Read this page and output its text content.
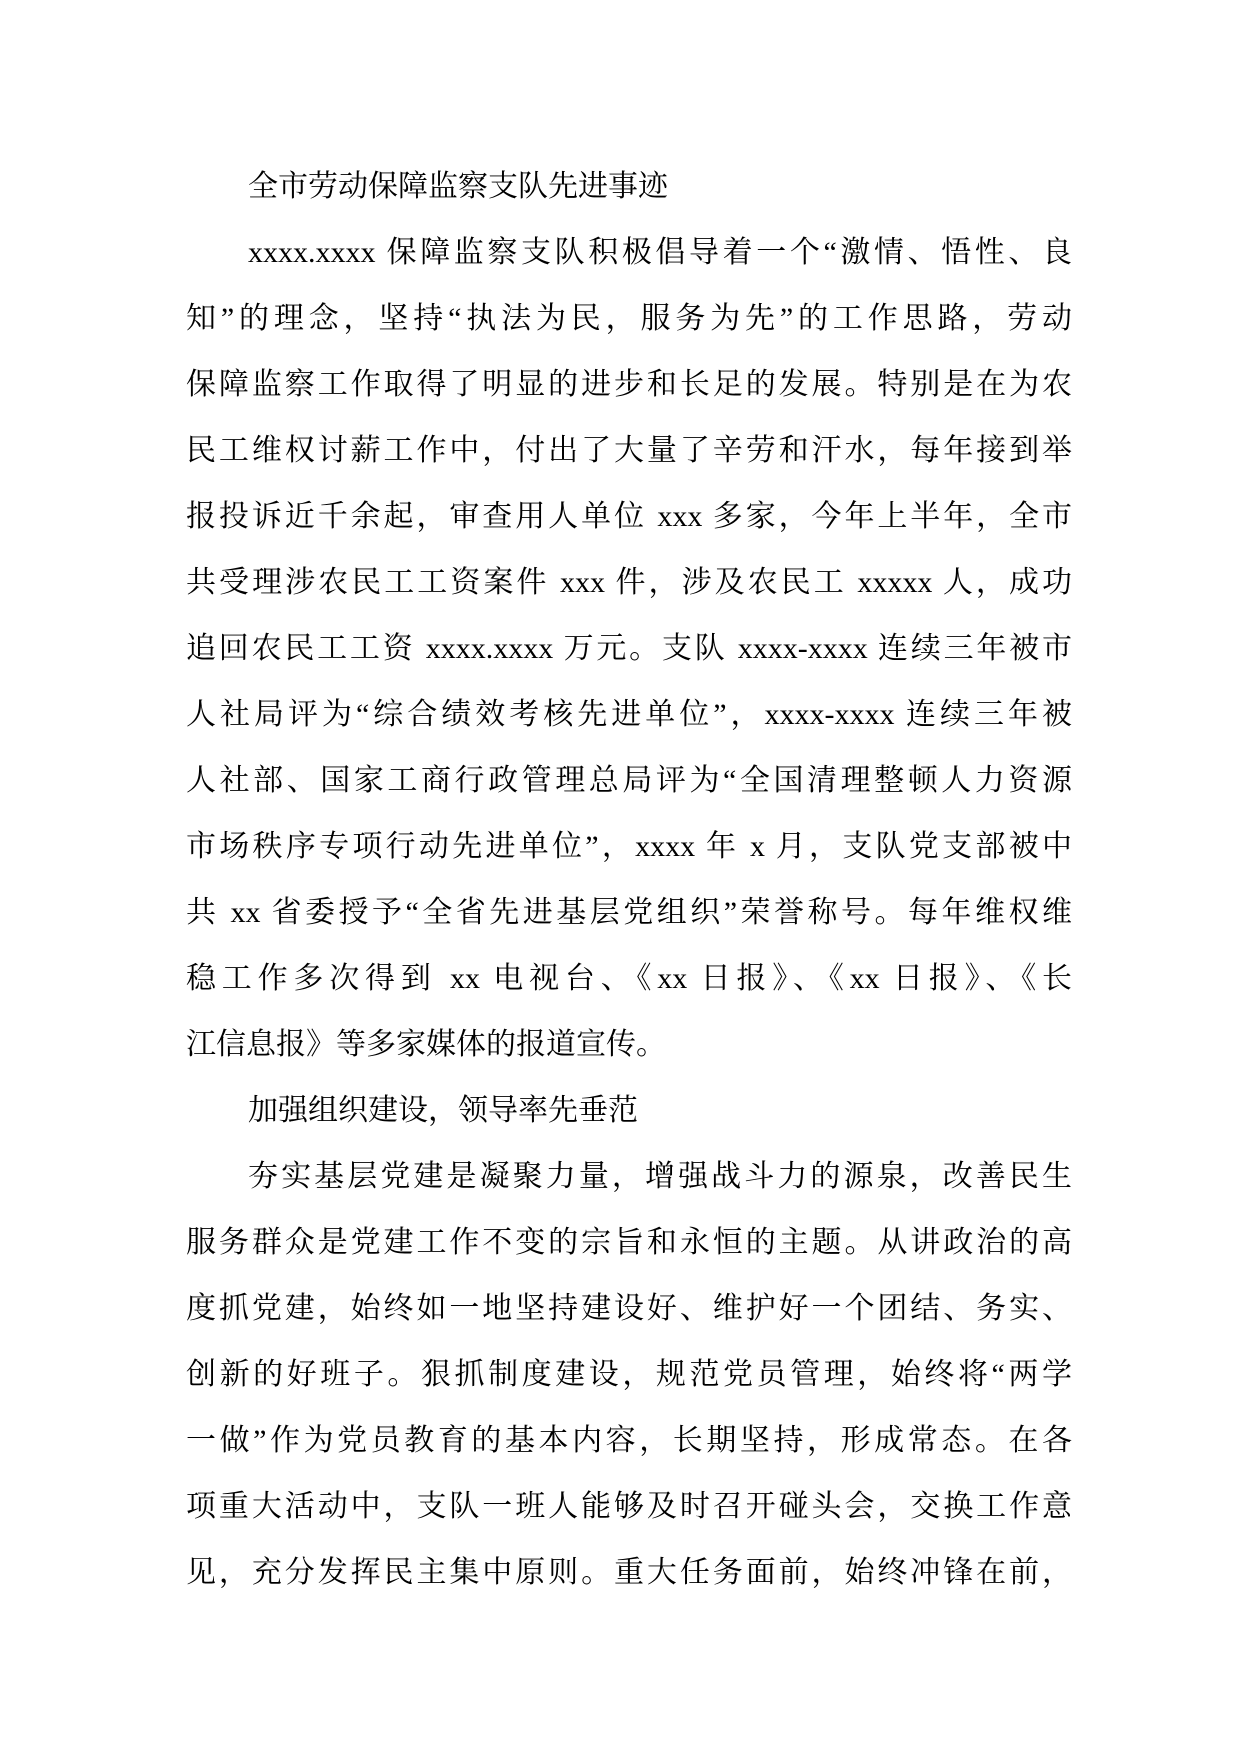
全市劳动保障监察支队先进事迹
xxxx.xxxx 保障监察支队积极倡导着一个“激情、悟性、良
知”的理念，坚持“执法为民，服务为先”的工作思路，劳动
保障监察工作取得了明显的进步和长足的发展。特别是在为农
民工维权讨薪工作中，付出了大量了辛劳和汗水，每年接到举
报投诉近千余起，审查用人单位 xxx 多家，今年上半年，全市
共受理涉农民工工资案件 xxx 件，涉及农民工 xxxxx 人，成功
追回农民工工资 xxxx.xxxx 万元。支队 xxxx-xxxx 连续三年被市
人社局评为“综合绩效考核先进单位”，xxxx-xxxx 连续三年被
人社部、国家工商行政管理总局评为“全国清理整顿人力资源
市场秩序专项行动先进单位”，xxxx 年 x 月，支队党支部被中
共 xx 省委授予“全省先进基层党组织”荣誉称号。每年维权维
稳工作多次得到 xx 电视台、《xx 日报》、《xx 日报》、《长
江信息报》等多家媒体的报道宣传。
加强组织建设，领导率先垂范
夯实基层党建是凝聚力量，增强战斗力的源泉，改善民生
服务群众是党建工作不变的宗旨和永恒的主题。从讲政治的高
度抓党建，始终如一地坚持建设好、维护好一个团结、务实、
创新的好班子。狠抓制度建设，规范党员管理，始终将“两学
一做”作为党员教育的基本内容，长期坚持，形成常态。在各
项重大活动中，支队一班人能够及时召开碰头会，交换工作意
见，充分发挥民主集中原则。重大任务面前，始终冲锋在前，
